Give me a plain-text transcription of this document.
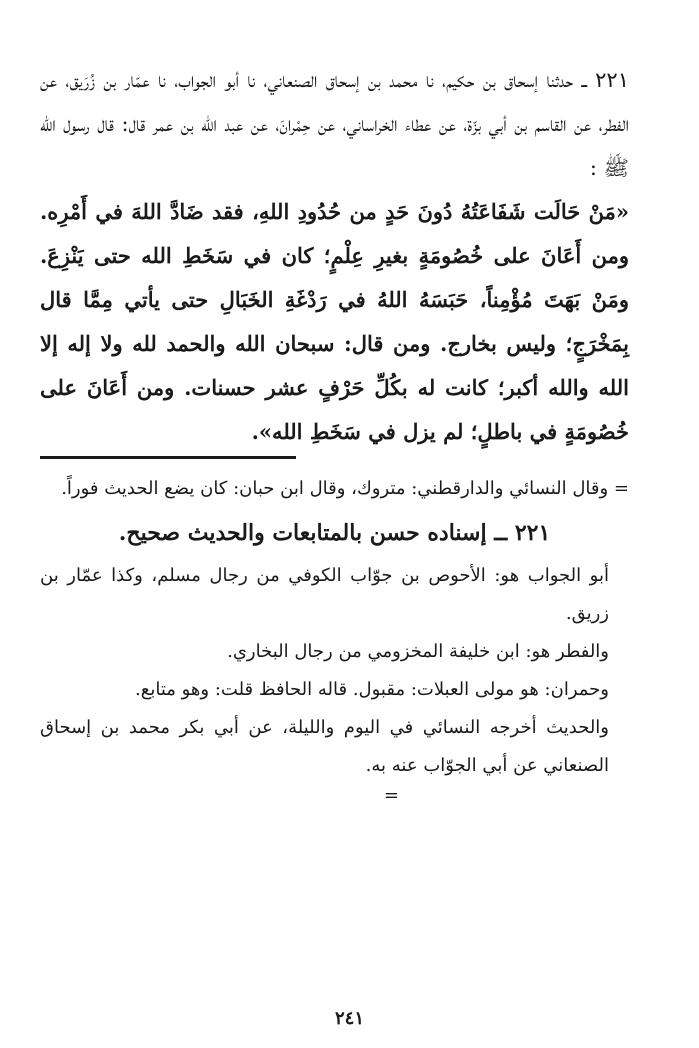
٢٢١ ــ حدثنا إسحاق بن حكيم، نا محمد بن إسحاق الصنعاني، نا أبو الجواب، نا عمّار بن زُرَيق، عن الفطر، عن القاسم بن أبي بزّة، عن عطاء الخراساني، عن حِمْرانَ، عن عبد الله بن عمر قال: قال رسول الله ﷺ :

«مَنْ حَالَت شَفَاعَتُهُ دُونَ حَدٍ من حُدُودِ اللهِ، فقد ضَادَّ اللهَ في أَمْرِه. ومن أَعَانَ على خُصُومَةٍ بغيرِ عِلْمٍ؛ كان في سَخَطِ الله حتى يَنْزِعَ. ومَنْ بَهَتَ مُؤْمِناً، حَبَسَهُ اللهُ في رَدْغَةِ الخَبَالِ حتى يأتي مِمَّا قال بِمَخْرَجٍ؛ وليس بخارج. ومن قال: سبحان الله والحمد لله ولا إله إلا الله والله أكبر؛ كانت له بكُلِّ حَرْفٍ عشر حسنات. ومن أَعَانَ على خُصُومَةٍ في باطلٍ؛ لم يزل في سَخَطِ الله».

= وقال النسائي والدارقطني: متروك، وقال ابن حبان: كان يضع الحديث فوراً.

٢٢١ ــ إسناده حسن بالمتابعات والحديث صحيح.

أبو الجواب هو: الأحوص بن جوّاب الكوفي من رجال مسلم، وكذا عمّار بن زريق.

والفطر هو: ابن خليفة المخزومي من رجال البخاري.

وحمران: هو مولى العبلات: مقبول. قاله الحافظ قلت: وهو متابع.

والحديث أخرجه النسائي في اليوم والليلة، عن أبي بكر محمد بن إسحاق الصنعاني عن أبي الجوّاب عنه به.

=
٢٤١
